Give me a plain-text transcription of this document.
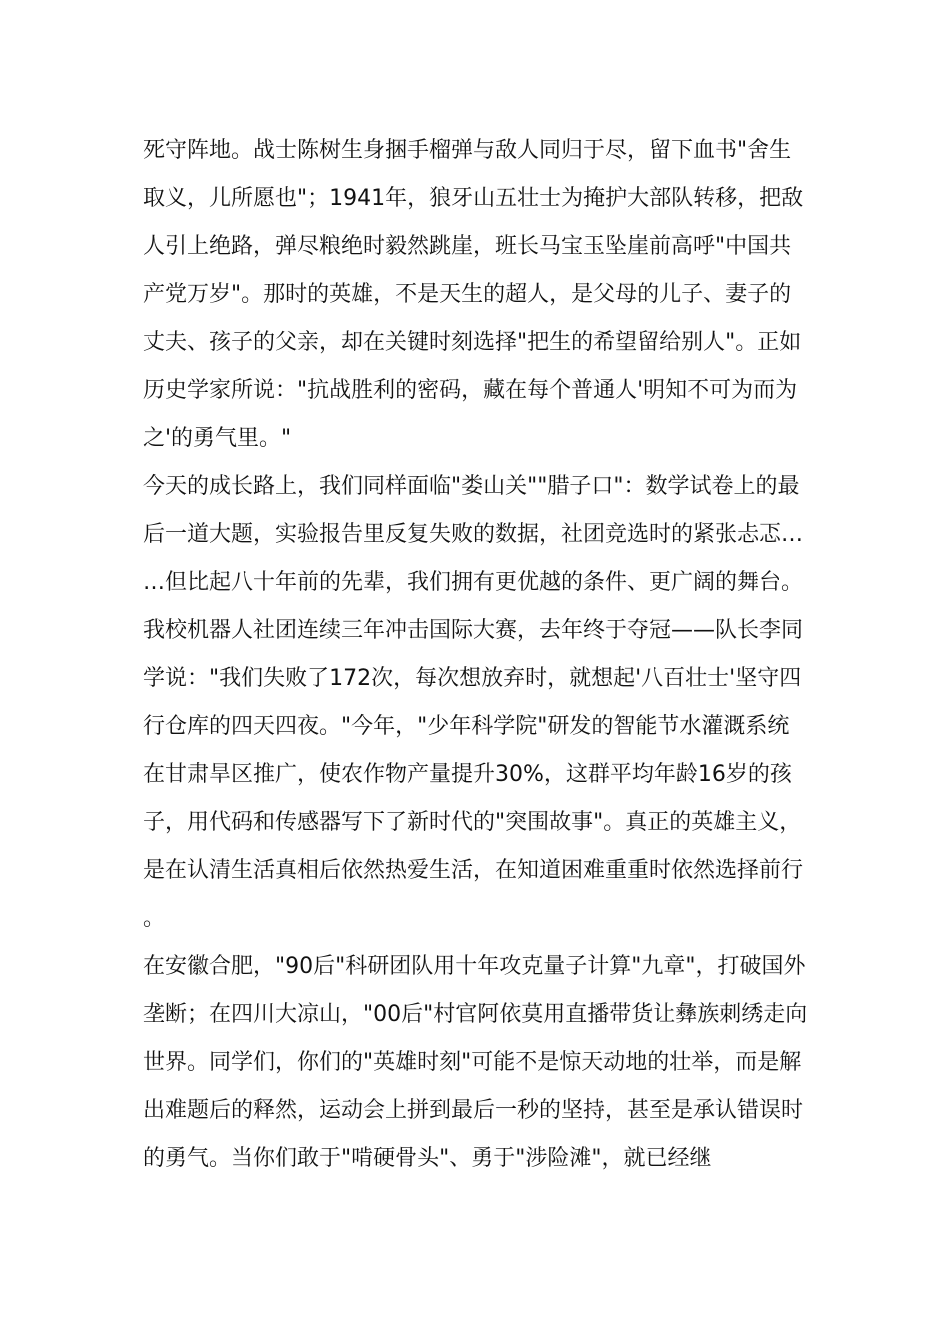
死守阵地。战士陈树生身捆手榴弹与敌人同归于尽，留下血书"舍生取义，儿所愿也"；1941年，狼牙山五壮士为掩护大部队转移，把敌人引上绝路，弹尽粮绝时毅然跳崖，班长马宝玉坠崖前高呼"中国共产党万岁"。那时的英雄，不是天生的超人，是父母的儿子、妻子的丈夫、孩子的父亲，却在关键时刻选择"把生的希望留给别人"。正如历史学家所说："抗战胜利的密码，藏在每个普通人'明知不可为而为之'的勇气里。"

今天的成长路上，我们同样面临"娄山关""腊子口"：数学试卷上的最后一道大题，实验报告里反复失败的数据，社团竞选时的紧张忐忑……但比起八十年前的先辈，我们拥有更优越的条件、更广阔的舞台。我校机器人社团连续三年冲击国际大赛，去年终于夺冠——队长李同学说："我们失败了172次，每次想放弃时，就想起'八百壮士'坚守四行仓库的四天四夜。"今年，"少年科学院"研发的智能节水灌溉系统在甘肃旱区推广，使农作物产量提升30%，这群平均年龄16岁的孩子，用代码和传感器写下了新时代的"突围故事"。真正的英雄主义，是在认清生活真相后依然热爱生活，在知道困难重重时依然选择前行。

在安徽合肥，"90后"科研团队用十年攻克量子计算"九章"，打破国外垄断；在四川大凉山，"00后"村官阿依莫用直播带货让彝族刺绣走向世界。同学们，你们的"英雄时刻"可能不是惊天动地的壮举，而是解出难题后的释然，运动会上拼到最后一秒的坚持，甚至是承认错误时的勇气。当你们敢于"啃硬骨头"、勇于"涉险滩"，就已经继
